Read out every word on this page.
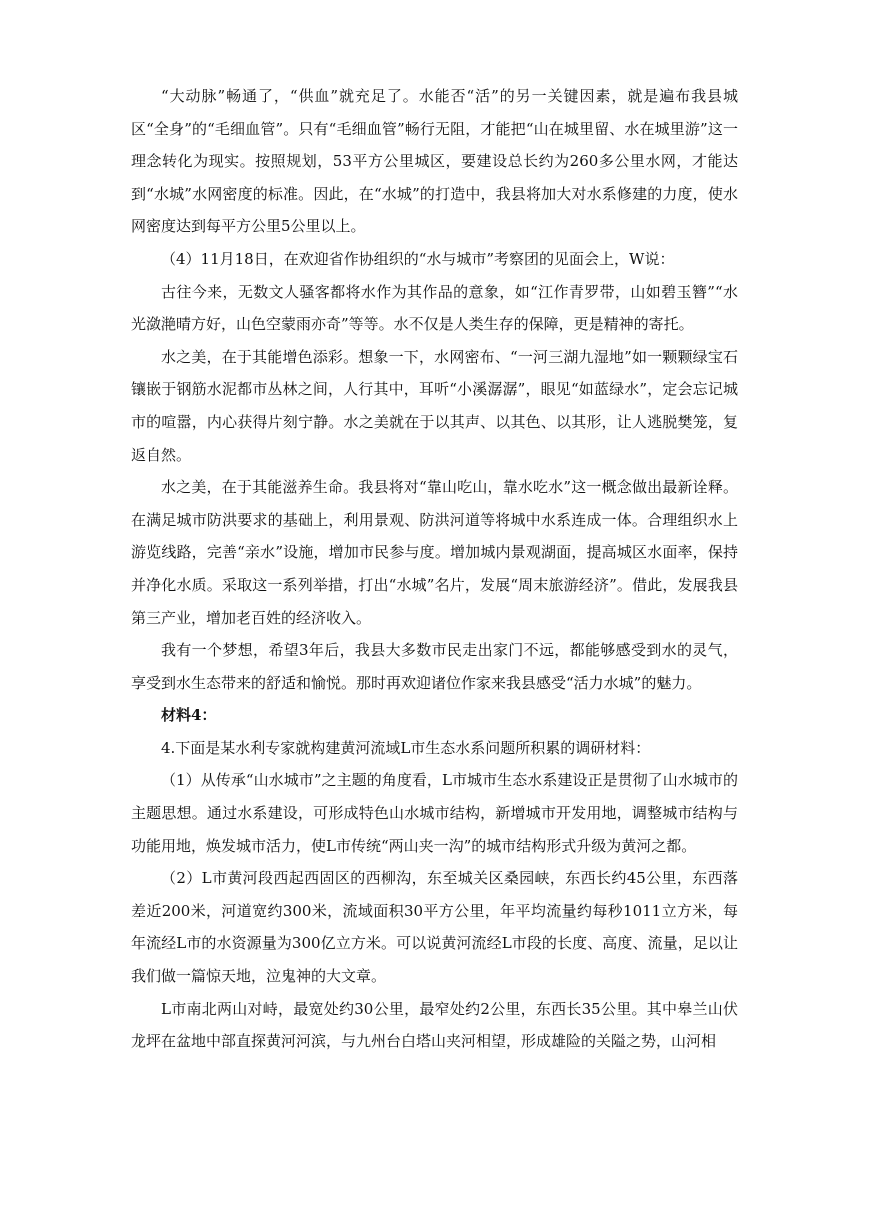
“大动脉”畅通了，“供血”就充足了。水能否“活”的另一关键因素，就是遍布我县城区“全身”的“毛细血管”。只有“毛细血管”畅行无阻，才能把“山在城里留、水在城里游”这一理念转化为现实。按照规划，53平方公里城区，要建设总长约为260多公里水网，才能达到“水城”水网密度的标准。因此，在“水城”的打造中，我县将加大对水系修建的力度，使水网密度达到每平方公里5公里以上。

（4）11月18日，在欢迎省作协组织的“水与城市”考察团的见面会上，W说：

古往今来，无数文人骚客都将水作为其作品的意象，如“江作青罗带，山如碧玉簪”“水光潋滟晴方好，山色空蒙雨亦奇”等等。水不仅是人类生存的保障，更是精神的寄托。

水之美，在于其能增色添彩。想象一下，水网密布、“一河三湖九湿地”如一颗颗绿宝石镶嵌于钢筋水泥都市丛林之间，人行其中，耳听“小溪潺潺”，眼见“如蓝绿水”，定会忘记城市的喧嚣，内心获得片刻宁静。水之美就在于以其声、以其色、以其形，让人逃脱樊笼，复返自然。

水之美，在于其能滋养生命。我县将对“靠山吃山，靠水吃水”这一概念做出最新诠释。在满足城市防洪要求的基础上，利用景观、防洪河道等将城中水系连成一体。合理组织水上游览线路，完善“亲水”设施，增加市民参与度。增加城内景观湖面，提高城区水面率，保持并净化水质。采取这一系列举措，打出“水城”名片，发展“周末旅游经济”。借此，发展我县第三产业，增加老百姓的经济收入。

我有一个梦想，希望3年后，我县大多数市民走出家门不远，都能够感受到水的灵气，享受到水生态带来的舒适和愉悦。那时再欢迎诸位作家来我县感受“活力水城”的魅力。

材料4：

4.下面是某水利专家就构建黄河流域L市生态水系问题所积累的调研材料：

（1）从传承“山水城市”之主题的角度看，L市城市生态水系建设正是贯彻了山水城市的主题思想。通过水系建设，可形成特色山水城市结构，新增城市开发用地，调整城市结构与功能用地，焕发城市活力，使L市传统“两山夹一沟”的城市结构形式升级为黄河之都。

（2）L市黄河段西起西固区的西柳沟，东至城关区桑园峡，东西长约45公里，东西落差近200米，河道宽约300米，流域面积30平方公里，年平均流量约每秒1011立方米，每年流经L市的水资源量为300亿立方米。可以说黄河流经L市段的长度、高度、流量，足以让我们做一篇惊天地，泣鬼神的大文章。

L市南北两山对峙，最宽处约30公里，最窄处约2公里，东西长35公里。其中皋兰山伏龙坪在盆地中部直探黄河河滨，与九州台白塔山夹河相望，形成雄险的关隘之势，山河相
